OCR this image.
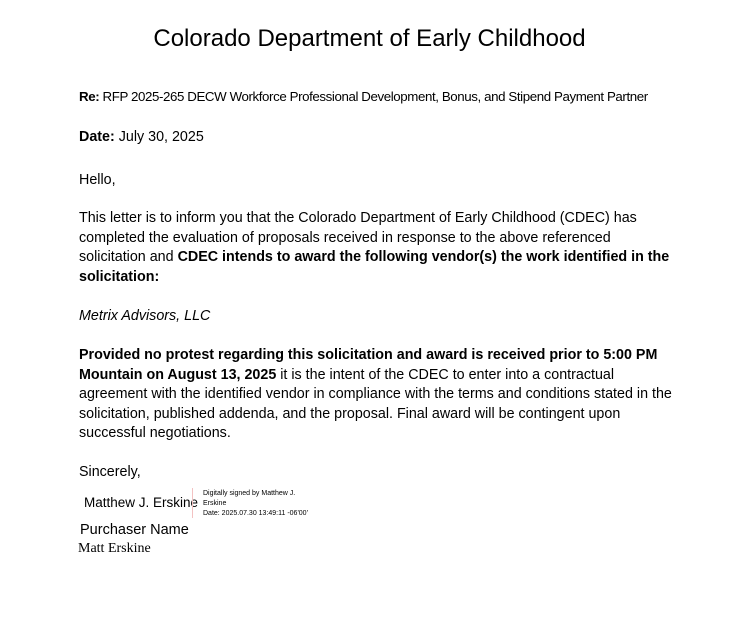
Colorado Department of Early Childhood
Re: RFP 2025-265 DECW Workforce Professional Development, Bonus, and Stipend Payment Partner
Date: July 30, 2025
Hello,
This letter is to inform you that the Colorado Department of Early Childhood (CDEC) has completed the evaluation of proposals received in response to the above referenced solicitation and CDEC intends to award the following vendor(s) the work identified in the solicitation:
Metrix Advisors, LLC
Provided no protest regarding this solicitation and award is received prior to 5:00 PM Mountain on August 13, 2025 it is the intent of the CDEC to enter into a contractual agreement with the identified vendor in compliance with the terms and conditions stated in the solicitation, published addenda, and the proposal. Final award will be contingent upon successful negotiations.
Sincerely,
Matthew J. Erskine
Digitally signed by Matthew J.
Erskine
Date: 2025.07.30 13:49:11 -06'00'
Purchaser Name
Matt Erskine
